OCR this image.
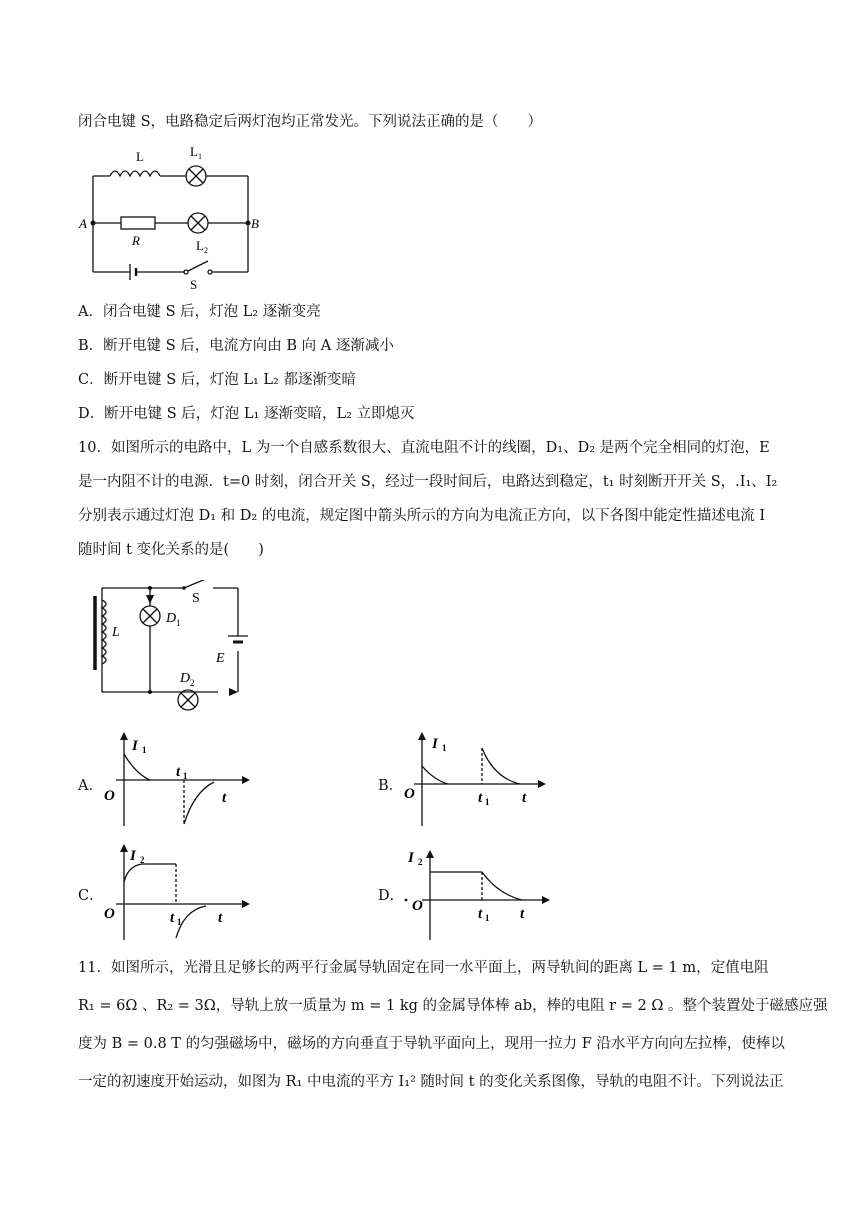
闭合电键 S，电路稳定后两灯泡均正常发光。下列说法正确的是（　　）
L	L 1
A	B
R	L 2
S
A．闭合电键 S 后，灯泡 L₂ 逐渐变亮
B．断开电键 S 后，电流方向由 B 向 A 逐渐减小
C．断开电键 S 后，灯泡 L₁ L₂ 都逐渐变暗
D．断开电键 S 后，灯泡 L₁ 逐渐变暗，L₂ 立即熄灭
10．如图所示的电路中，L 为一个自感系数很大、直流电阻不计的线圈，D₁、D₂ 是两个完全相同的灯泡，E
是一内阻不计的电源．t=0 时刻，闭合开关 S，经过一段时间后，电路达到稳定，t₁ 时刻断开开关 S，.I₁、I₂
分别表示通过灯泡 D₁ 和 D₂ 的电流，规定图中箭头所示的方向为电流正方向，以下各图中能定性描述电流 I
随时间 t 变化关系的是(　　)
L
S
D 1
D 2
E
A．
I 1
O
t 1
t
B．
I 1
O	t 1 t
C．
I 2
O	t 1 t
D．
I 2
O	t 1 t
11．如图所示，光滑且足够长的两平行金属导轨固定在同一水平面上，两导轨间的距离 L = 1 m，定值电阻
R₁ = 6Ω 、R₂ = 3Ω，导轨上放一质量为 m = 1 kg 的金属导体棒 ab，棒的电阻 r = 2 Ω 。整个装置处于磁感应强
度为 B = 0.8 T 的匀强磁场中，磁场的方向垂直于导轨平面向上，现用一拉力 F 沿水平方向向左拉棒，使棒以
一定的初速度开始运动，如图为 R₁ 中电流的平方 I₁² 随时间 t 的变化关系图像，导轨的电阻不计。下列说法正
